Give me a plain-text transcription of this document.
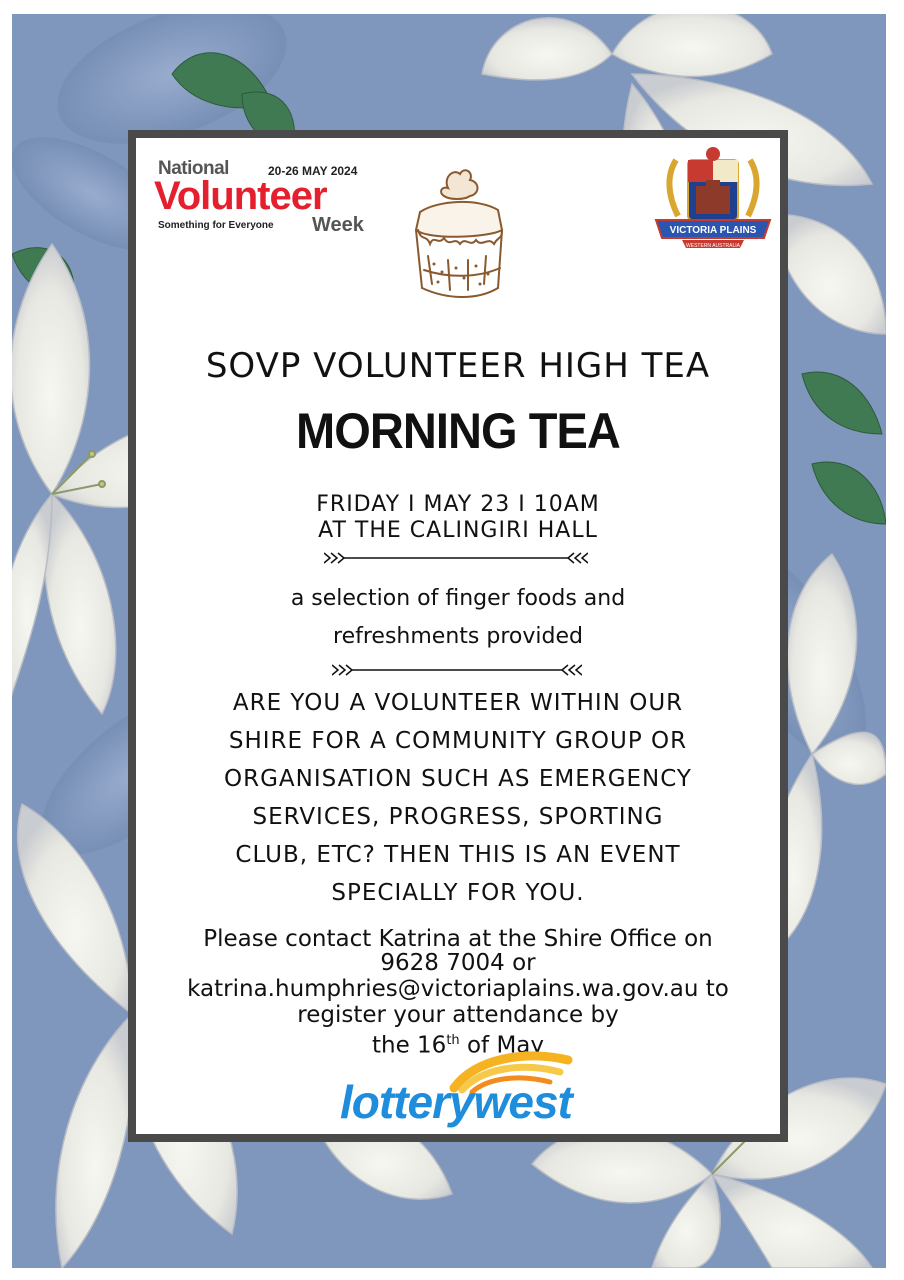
National	20-26 MAY 2024
Volunteer
Something for Everyone Week	VICTORIA PLAINS
WESTERN AUSTRALIA
SOVP VOLUNTEER HIGH TEA
MORNING TEA
FRIDAY I MAY 23 I 10AM
AT THE CALINGIRI HALL
a selection of finger foods and
refreshments provided
ARE YOU A VOLUNTEER WITHIN OUR
SHIRE FOR A COMMUNITY GROUP OR
ORGANISATION SUCH AS EMERGENCY
SERVICES, PROGRESS, SPORTING
CLUB, ETC? THEN THIS IS AN EVENT
SPECIALLY FOR YOU.
Please contact Katrina at the Shire Office on
9628 7004 or
katrina.humphries@victoriaplains.wa.gov.au to
register your attendance by
the 16th of May
lotterywest
